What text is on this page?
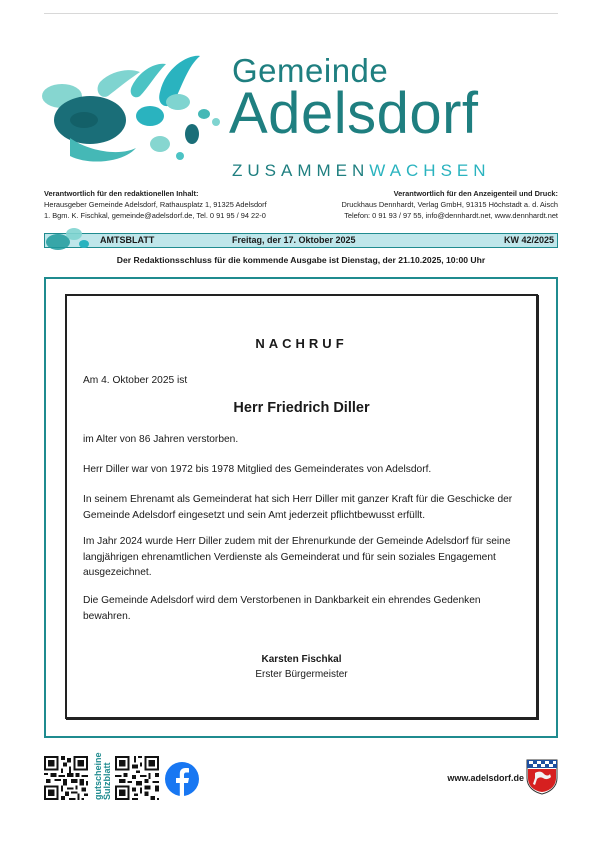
Gemeinde
Adelsdorf
ZUSAMMENWACHSEN
Verantwortlich für den redaktionellen Inhalt:
Herausgeber Gemeinde Adelsdorf, Rathausplatz 1, 91325 Adelsdorf
1. Bgm. K. Fischkal, gemeinde@adelsdorf.de, Tel. 0 91 95 / 94 22-0
Verantwortlich für den Anzeigenteil und Druck:
Druckhaus Dennhardt, Verlag GmbH, 91315 Höchstadt a. d. Aisch
Telefon: 0 91 93 / 97 55, info@dennhardt.net, www.dennhardt.net
AMTSBLATT	Freitag, der 17. Oktober 2025	KW 42/2025
Der Redaktionsschluss für die kommende Ausgabe ist Dienstag, der 21.10.2025, 10:00 Uhr
NACHRUF
Am 4. Oktober 2025 ist
Herr Friedrich Diller
im Alter von 86 Jahren verstorben.
Herr Diller war von 1972 bis 1978 Mitglied des Gemeinderates von Adelsdorf.
In seinem Ehrenamt als Gemeinderat hat sich Herr Diller mit ganzer Kraft für die Geschicke der Gemeinde Adelsdorf eingesetzt und sein Amt jederzeit pflichtbewusst erfüllt.
Im Jahr 2024 wurde Herr Diller zudem mit der Ehrenurkunde der Gemeinde Adelsdorf für seine langjährigen ehrenamtlichen Verdienste als Gemeinderat und für sein soziales Engagement ausgezeichnet.
Die Gemeinde Adelsdorf wird dem Verstorbenen in Dankbarkeit ein ehrendes Gedenken bewahren.
Karsten Fischkal
Erster Bürgermeister
gutscheine Sulzblatt	www.adelsdorf.de
